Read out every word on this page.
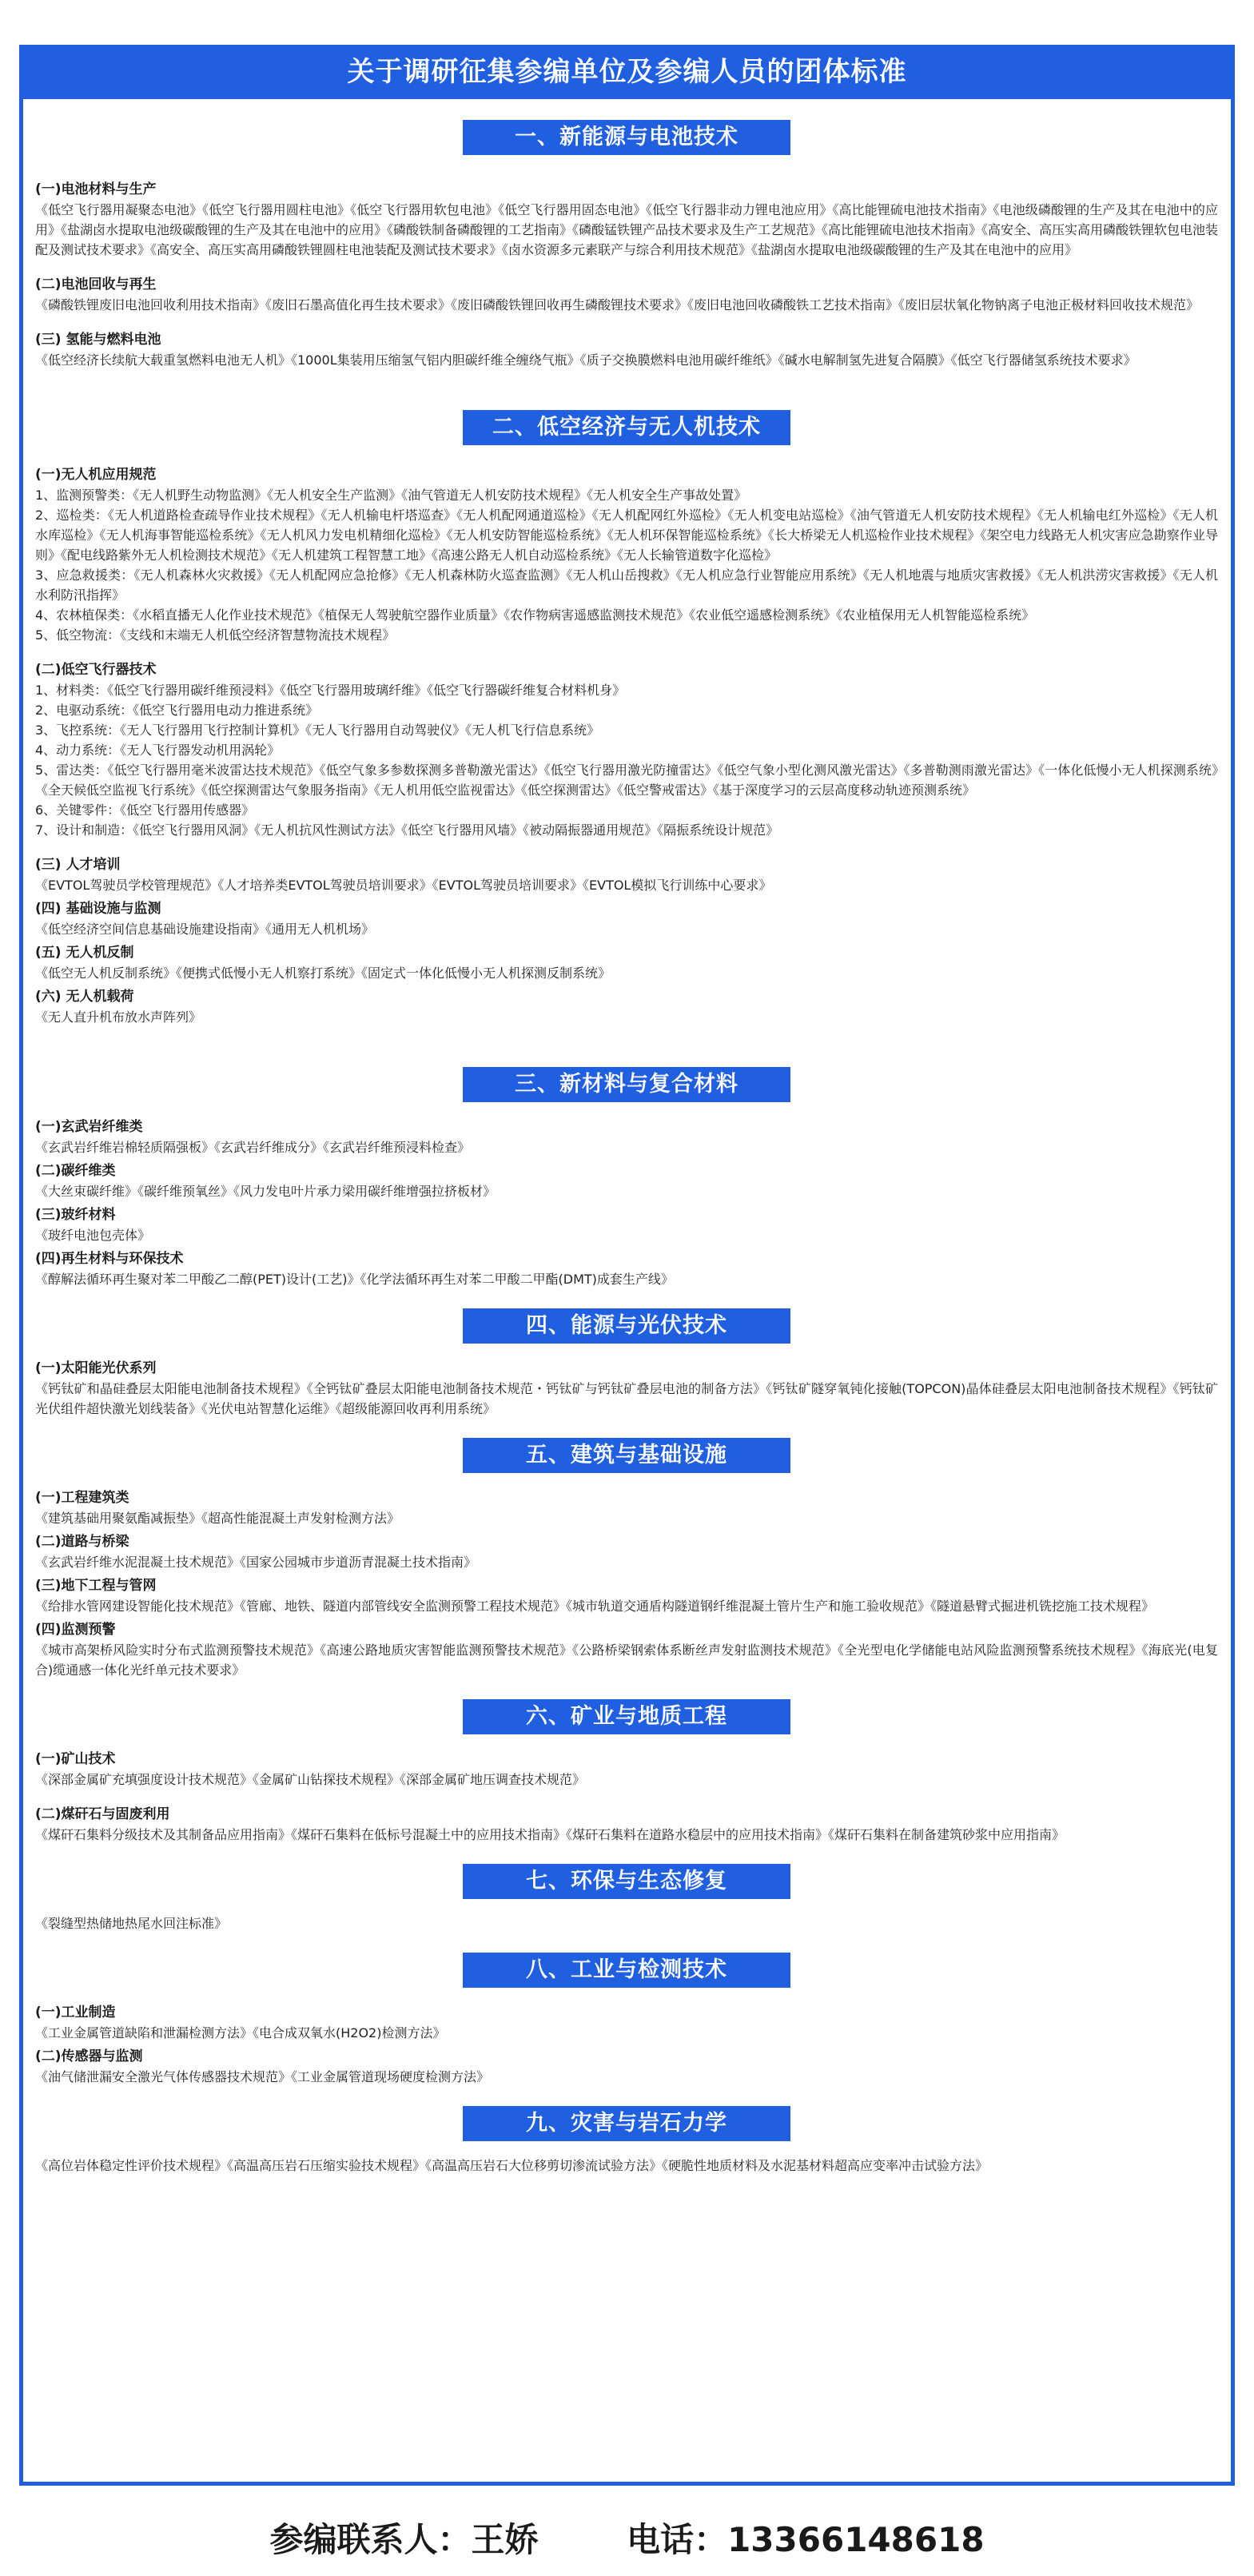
关于调研征集参编单位及参编人员的团体标准
一、新能源与电池技术
(一)电池材料与生产
《低空飞行器用凝聚态电池》《低空飞行器用圆柱电池》《低空飞行器用软包电池》《低空飞行器用固态电池》《低空飞行器非动力锂电池应用》《高比能锂硫电池技术指南》《电池级磷酸锂的生产及其在电池中的应用》《盐湖卤水提取电池级碳酸锂的生产及其在电池中的应用》《磷酸铁制备磷酸锂的工艺指南》《磷酸锰铁锂产品技术要求及生产工艺规范》《高比能锂硫电池技术指南》《高安全、高压实高用磷酸铁锂软包电池装配及测试技术要求》《高安全、高压实高用磷酸铁锂圆柱电池装配及测试技术要求》《卤水资源多元素联产与综合利用技术规范》《盐湖卤水提取电池级碳酸锂的生产及其在电池中的应用》
(二)电池回收与再生
《磷酸铁锂废旧电池回收利用技术指南》《废旧石墨高值化再生技术要求》《废旧磷酸铁锂回收再生磷酸锂技术要求》《废旧电池回收磷酸铁工艺技术指南》《废旧层状氧化物钠离子电池正极材料回收技术规范》
(三) 氢能与燃料电池
《低空经济长续航大载重氢燃料电池无人机》《1000L集装用压缩氢气铝内胆碳纤维全缠绕气瓶》《质子交换膜燃料电池用碳纤维纸》《碱水电解制氢先进复合隔膜》《低空飞行器储氢系统技术要求》
二、低空经济与无人机技术
(一)无人机应用规范
1、监测预警类：《无人机野生动物监测》《无人机安全生产监测》《油气管道无人机安防技术规程》《无人机安全生产事故处置》
2、巡检类：《无人机道路检查疏导作业技术规程》《无人机输电杆塔巡查》《无人机配网通道巡检》《无人机配网红外巡检》《无人机变电站巡检》《油气管道无人机安防技术规程》《无人机输电红外巡检》《无人机水库巡检》《无人机海事智能巡检系统》《无人机风力发电机精细化巡检》《无人机安防智能巡检系统》《无人机环保智能巡检系统》《长大桥梁无人机巡检作业技术规程》《架空电力线路无人机灾害应急勘察作业导则》《配电线路紫外无人机检测技术规范》《无人机建筑工程智慧工地》《高速公路无人机自动巡检系统》《无人长输管道数字化巡检》
3、应急救援类：《无人机森林火灾救援》《无人机配网应急抢修》《无人机森林防火巡查监测》《无人机山岳搜救》《无人机应急行业智能应用系统》《无人机地震与地质灾害救援》《无人机洪涝灾害救援》《无人机水利防汛指挥》
4、农林植保类：《水稻直播无人化作业技术规范》《植保无人驾驶航空器作业质量》《农作物病害遥感监测技术规范》《农业低空遥感检测系统》《农业植保用无人机智能巡检系统》
5、低空物流：《支线和末端无人机低空经济智慧物流技术规程》
(二)低空飞行器技术
1、材料类：《低空飞行器用碳纤维预浸料》《低空飞行器用玻璃纤维》《低空飞行器碳纤维复合材料机身》
2、电驱动系统：《低空飞行器用电动力推进系统》
3、飞控系统：《无人飞行器用飞行控制计算机》《无人飞行器用自动驾驶仪》《无人机飞行信息系统》
4、动力系统：《无人飞行器发动机用涡轮》
5、雷达类：《低空飞行器用毫米波雷达技术规范》《低空气象多参数探测多普勒激光雷达》《低空飞行器用激光防撞雷达》《低空气象小型化测风激光雷达》《多普勒测雨激光雷达》《一体化低慢小无人机探测系统》《全天候低空监视飞行系统》《低空探测雷达气象服务指南》《无人机用低空监视雷达》《低空探测雷达》《低空警戒雷达》《基于深度学习的云层高度移动轨迹预测系统》
6、关键零件：《低空飞行器用传感器》
7、设计和制造：《低空飞行器用风洞》《无人机抗风性测试方法》《低空飞行器用风墙》《被动隔振器通用规范》《隔振系统设计规范》
(三) 人才培训
《EVTOL驾驶员学校管理规范》《人才培养类EVTOL驾驶员培训要求》《EVTOL驾驶员培训要求》《EVTOL模拟飞行训练中心要求》
(四) 基础设施与监测
《低空经济空间信息基础设施建设指南》《通用无人机机场》
(五) 无人机反制
《低空无人机反制系统》《便携式低慢小无人机察打系统》《固定式一体化低慢小无人机探测反制系统》
(六) 无人机载荷
《无人直升机布放水声阵列》
三、新材料与复合材料
(一)玄武岩纤维类
《玄武岩纤维岩棉轻质隔强板》《玄武岩纤维成分》《玄武岩纤维预浸料检查》
(二)碳纤维类
《大丝束碳纤维》《碳纤维预氧丝》《风力发电叶片承力梁用碳纤维增强拉挤板材》
(三)玻纤材料
《玻纤电池包壳体》
(四)再生材料与环保技术
《醇解法循环再生聚对苯二甲酸乙二醇(PET)设计(工艺)》《化学法循环再生对苯二甲酸二甲酯(DMT)成套生产线》
四、能源与光伏技术
(一)太阳能光伏系列
《钙钛矿和晶硅叠层太阳能电池制备技术规程》《全钙钛矿叠层太阳能电池制备技术规范・钙钛矿与钙钛矿叠层电池的制备方法》《钙钛矿隧穿氧钝化接触(TOPCON)晶体硅叠层太阳电池制备技术规程》《钙钛矿光伏组件超快激光划线装备》《光伏电站智慧化运维》《超级能源回收再利用系统》
五、建筑与基础设施
(一)工程建筑类
《建筑基础用聚氨酯减振垫》《超高性能混凝土声发射检测方法》
(二)道路与桥梁
《玄武岩纤维水泥混凝土技术规范》《国家公园城市步道沥青混凝土技术指南》
(三)地下工程与管网
《给排水管网建设智能化技术规范》《管廊、地铁、隧道内部管线安全监测预警工程技术规范》《城市轨道交通盾构隧道钢纤维混凝土管片生产和施工验收规范》《隧道悬臂式掘进机铣挖施工技术规程》
(四)监测预警
《城市高架桥风险实时分布式监测预警技术规范》《高速公路地质灾害智能监测预警技术规范》《公路桥梁钢索体系断丝声发射监测技术规范》《全光型电化学储能电站风险监测预警系统技术规程》《海底光(电复合)缆通感一体化光纤单元技术要求》
六、矿业与地质工程
(一)矿山技术
《深部金属矿充填强度设计技术规范》《金属矿山钻探技术规程》《深部金属矿地压调查技术规范》
(二)煤矸石与固废利用
《煤矸石集料分级技术及其制备品应用指南》《煤矸石集料在低标号混凝土中的应用技术指南》《煤矸石集料在道路水稳层中的应用技术指南》《煤矸石集料在制备建筑砂浆中应用指南》
七、环保与生态修复
《裂缝型热储地热尾水回注标准》
八、工业与检测技术
(一)工业制造
《工业金属管道缺陷和泄漏检测方法》《电合成双氧水(H2O2)检测方法》
(二)传感器与监测
《油气储泄漏安全激光气体传感器技术规范》《工业金属管道现场硬度检测方法》
九、灾害与岩石力学
《高位岩体稳定性评价技术规程》《高温高压岩石压缩实验技术规程》《高温高压岩石大位移剪切渗流试验方法》《硬脆性地质材料及水泥基材料超高应变率冲击试验方法》
参编联系人：王娇	电话：13366148618
